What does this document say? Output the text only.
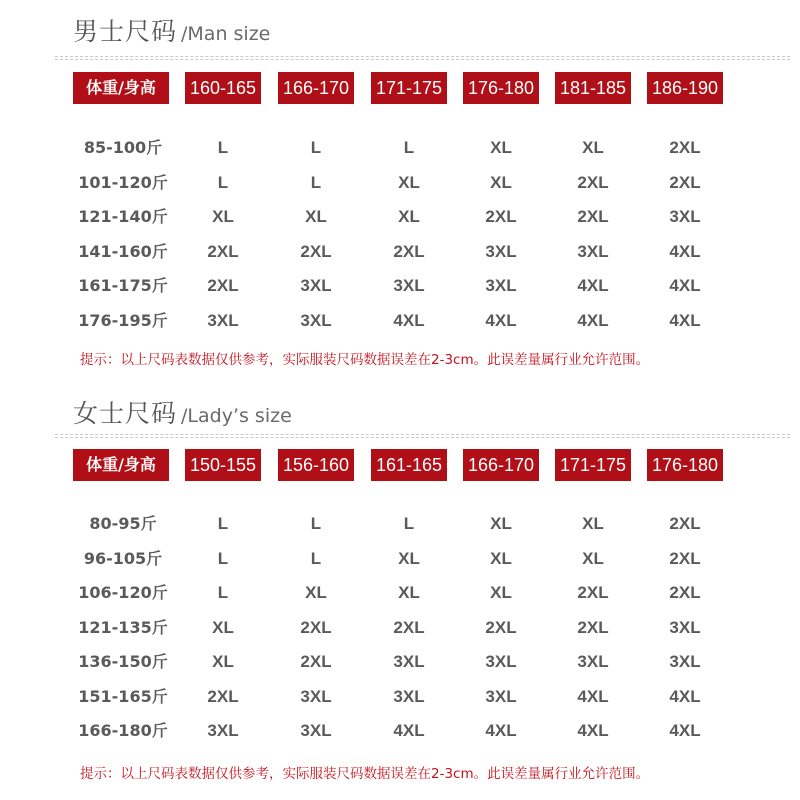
男士尺码 /Man size
体重/身高	160-165 166-170 171-175 176-180 181-185 186-190
85-100斤	L	L	L	XL	XL	2XL
101-120斤	L	L	XL	XL	2XL	2XL
121-140斤	XL	XL	XL	2XL	2XL	3XL
141-160斤	2XL	2XL	2XL	3XL	3XL	4XL
161-175斤	2XL	3XL	3XL	3XL	4XL	4XL
176-195斤	3XL	3XL	4XL	4XL	4XL	4XL
提示：以上尺码表数据仅供参考，实际服装尺码数据误差在2-3cm。此误差量属行业允许范围。
女士尺码 /Lady’s size
体重/身高	150-155 156-160 161-165 166-170 171-175 176-180
80-95斤	L	L	L	XL	XL	2XL
96-105斤	L	L	XL	XL	XL	2XL
106-120斤	L	XL	XL	XL	2XL	2XL
121-135斤	XL	2XL	2XL	2XL	2XL	3XL
136-150斤	XL	2XL	3XL	3XL	3XL	3XL
151-165斤	2XL	3XL	3XL	3XL	4XL	4XL
166-180斤	3XL	3XL	4XL	4XL	4XL	4XL
提示：以上尺码表数据仅供参考，实际服装尺码数据误差在2-3cm。此误差量属行业允许范围。
